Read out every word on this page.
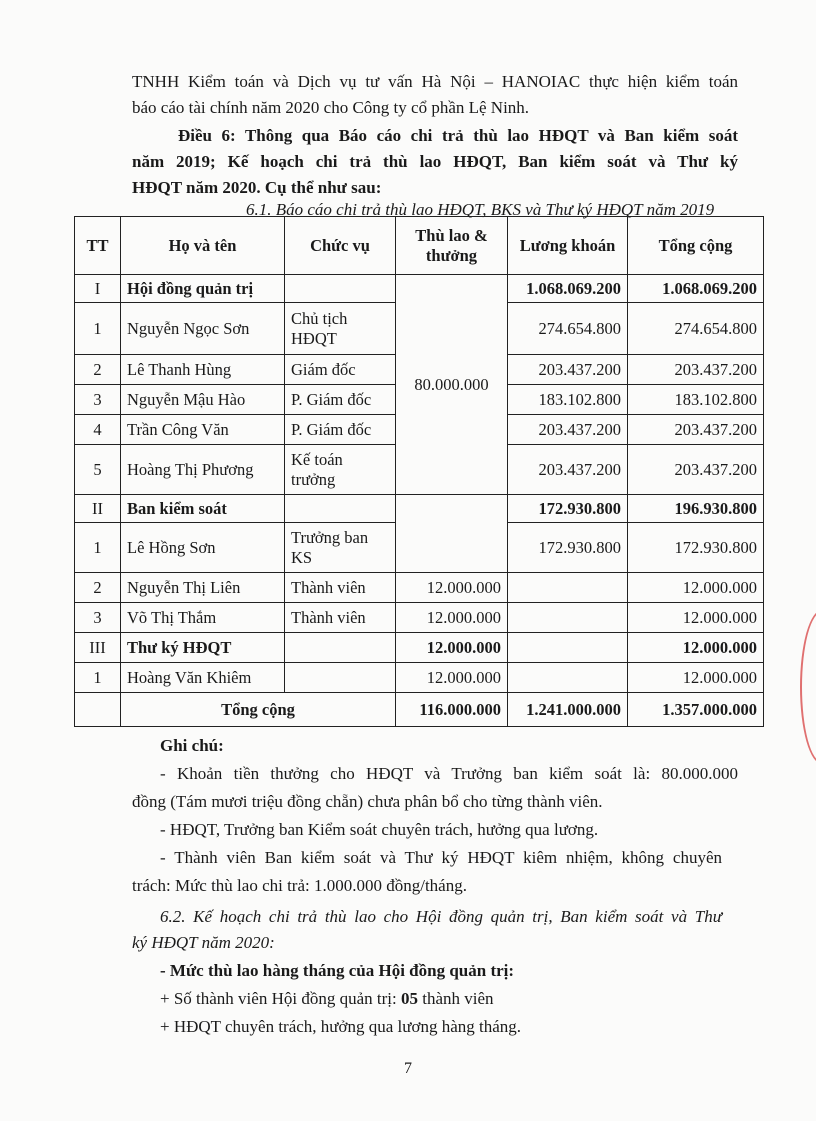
TNHH Kiểm toán và Dịch vụ tư vấn Hà Nội – HANOIAC thực hiện kiểm toán
báo cáo tài chính năm 2020 cho Công ty cổ phần Lệ Ninh.
Điều 6: Thông qua Báo cáo chi trả thù lao HĐQT và Ban kiểm soát
năm 2019; Kế hoạch chi trả thù lao HĐQT, Ban kiểm soát và Thư ký
HĐQT năm 2020. Cụ thể như sau:
6.1. Báo cáo chi trả thù lao HĐQT, BKS và Thư ký HĐQT năm 2019
TT	Họ và tên	Chức vụ	Thù lao &
thưởng	Lương khoán	Tổng cộng
I	Hội đồng quản trị		80.000.000	1.068.069.200	1.068.069.200
1	Nguyễn Ngọc Sơn	Chủ tịch
HĐQT		274.654.800	274.654.800
2	Lê Thanh Hùng	Giám đốc		203.437.200	203.437.200
3	Nguyễn Mậu Hào	P. Giám đốc		183.102.800	183.102.800
4	Trần Công Văn	P. Giám đốc		203.437.200	203.437.200
5	Hoàng Thị Phương	Kế toán
trưởng		203.437.200	203.437.200
II	Ban kiểm soát			172.930.800	196.930.800
1	Lê Hồng Sơn	Trưởng ban
KS		172.930.800	172.930.800
2	Nguyễn Thị Liên	Thành viên	12.000.000		12.000.000
3	Võ Thị Thắm	Thành viên	12.000.000		12.000.000
III	Thư ký HĐQT		12.000.000		12.000.000
1	Hoàng Văn Khiêm		12.000.000		12.000.000
	Tổng cộng		116.000.000	1.241.000.000	1.357.000.000
Ghi chú:
- Khoản tiền thưởng cho HĐQT và Trưởng ban kiểm soát là: 80.000.000
đồng (Tám mươi triệu đồng chẵn) chưa phân bổ cho từng thành viên.
- HĐQT, Trưởng ban Kiểm soát chuyên trách, hưởng qua lương.
- Thành viên Ban kiểm soát và Thư ký HĐQT kiêm nhiệm, không chuyên
trách: Mức thù lao chi trả: 1.000.000 đồng/tháng.
6.2. Kế hoạch chi trả thù lao cho Hội đồng quản trị, Ban kiểm soát và Thư
ký HĐQT năm 2020:
- Mức thù lao hàng tháng của Hội đồng quản trị:
+ Số thành viên Hội đồng quản trị: 05 thành viên
+ HĐQT chuyên trách, hưởng qua lương hàng tháng.
7
